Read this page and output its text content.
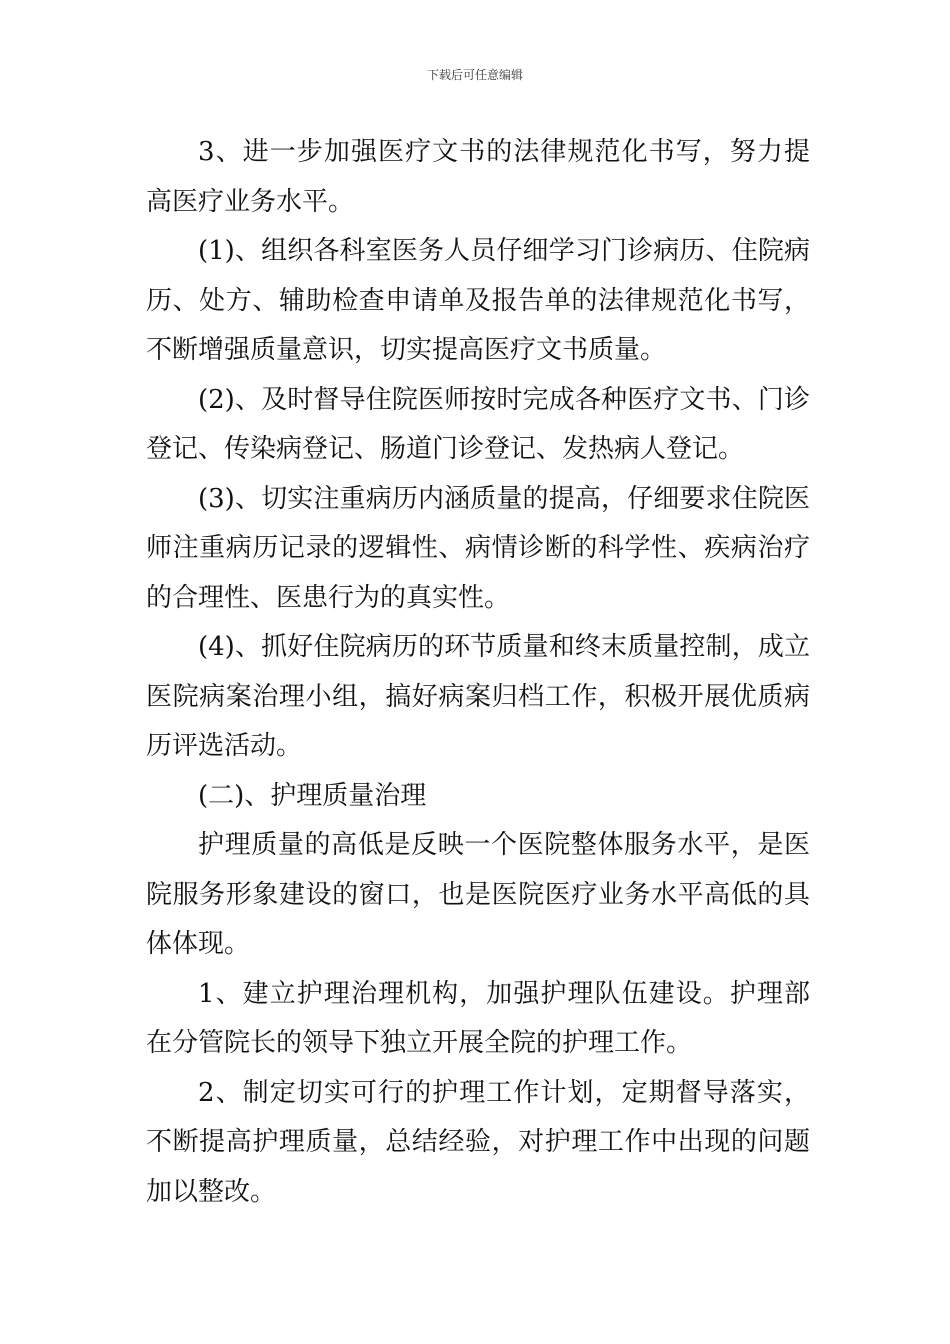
下载后可任意编辑

3、进一步加强医疗文书的法律规范化书写，努力提高医疗业务水平。

(1)、组织各科室医务人员仔细学习门诊病历、住院病历、处方、辅助检查申请单及报告单的法律规范化书写，不断增强质量意识，切实提高医疗文书质量。

(2)、及时督导住院医师按时完成各种医疗文书、门诊登记、传染病登记、肠道门诊登记、发热病人登记。

(3)、切实注重病历内涵质量的提高，仔细要求住院医师注重病历记录的逻辑性、病情诊断的科学性、疾病治疗的合理性、医患行为的真实性。

(4)、抓好住院病历的环节质量和终末质量控制，成立医院病案治理小组，搞好病案归档工作，积极开展优质病历评选活动。

(二)、护理质量治理

护理质量的高低是反映一个医院整体服务水平，是医院服务形象建设的窗口，也是医院医疗业务水平高低的具体体现。

1、建立护理治理机构，加强护理队伍建设。护理部在分管院长的领导下独立开展全院的护理工作。

2、制定切实可行的护理工作计划，定期督导落实，不断提高护理质量，总结经验，对护理工作中出现的问题加以整改。
